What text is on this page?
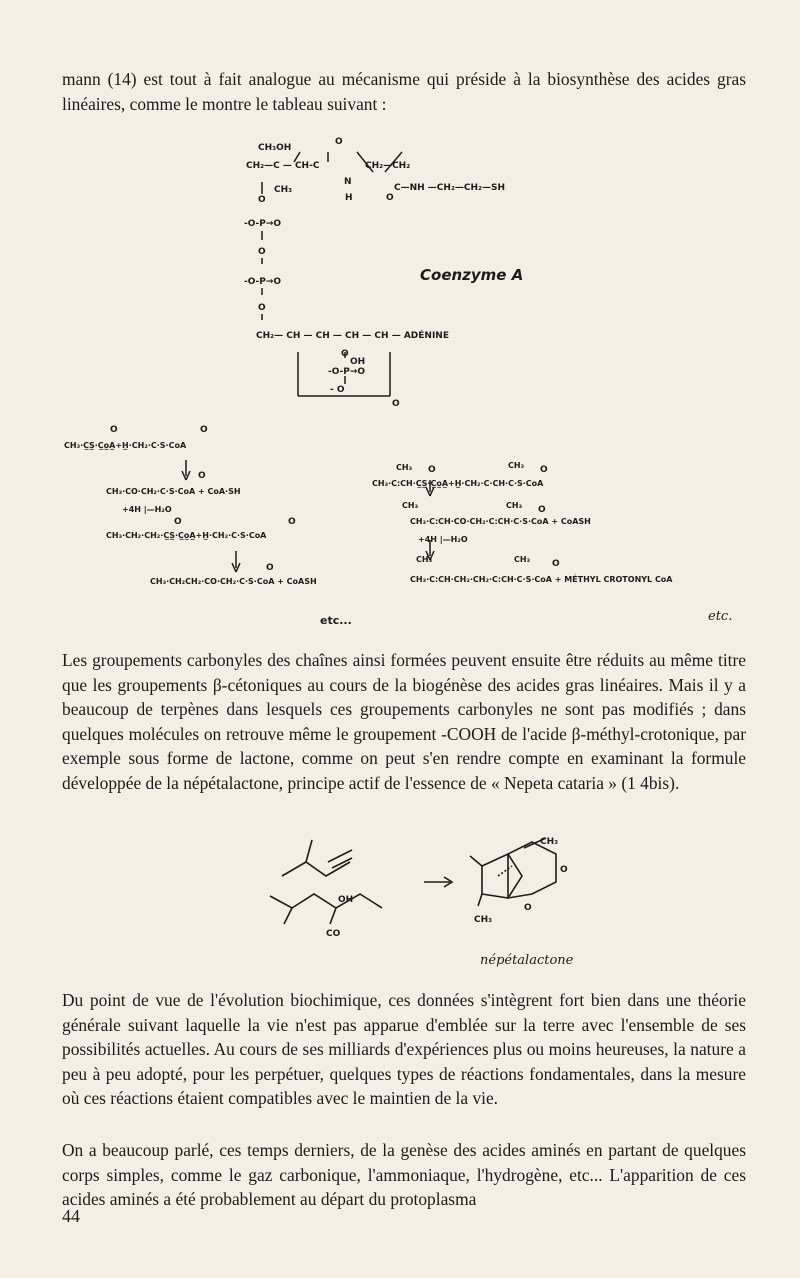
mann (14) est tout à fait analogue au mécanisme qui préside à la biosynthèse des acides gras linéaires, comme le montre le tableau suivant :

CH₃OH
CH₂—C — CH-C	CH₂—CH₂
O
O
CH₃
N
H	O
C—NH —CH₂—CH₂—SH
-O-P→O
O
-O-P→O	Coenzyme A
O
CH₂— CH — CH — CH — CH — ADÉNINE
O
OH
-O-P→O
- O
O
O	O
CH₃·C̲S̲·C̲o̲A̲+H̲·CH₂·C·S·CoA
O
CH₃·CO·CH₂·C·S·CoA + CoA·SH
+4H |—H₂O
O	O
CH₃·CH₂·CH₂·C̲S̲·C̲o̲A̲+H̲·CH₂·C·S·CoA
O
CH₃·CH₂CH₂·CO·CH₂·C·S·CoA + CoASH
etc...
CH₃ O	CH₃ O
CH₃·C:CH·C̲S̲·C̲o̲A̲+H̲·CH₂·C·CH·C·S·CoA
CH₃	CH₃ O
CH₃·C:CH·CO·CH₂·C:CH·C·S·CoA + CoASH
+4H |—H₂O
CH₃	CH₃ O
CH₃·C:CH·CH₂·CH₂·C:CH·C·S·CoA + MÉTHYL CROTONYL CoA
etc.

Les groupements carbonyles des chaînes ainsi formées peuvent ensuite être réduits au même titre que les groupements β-cétoniques au cours de la biogénèse des acides gras linéaires. Mais il y a beaucoup de terpènes dans lesquels ces groupements carbonyles ne sont pas modifiés ; dans quelques molécules on retrouve même le groupement -COOH de l'acide β-méthyl-crotonique, par exemple sous forme de lactone, comme on peut s'en rendre compte en examinant la formule développée de la népétalactone, principe actif de l'essence de « Nepeta cataria » (1 4bis).

OH
CO
CH₃
CH₃
O
O
népétalactone

Du point de vue de l'évolution biochimique, ces données s'intègrent fort bien dans une théorie générale suivant laquelle la vie n'est pas apparue d'emblée sur la terre avec l'ensemble de ses possibilités actuelles. Au cours de ses milliards d'expériences plus ou moins heureuses, la nature a peu à peu adopté, pour les perpétuer, quelques types de réactions fondamentales, dans la mesure où ces réactions étaient compatibles avec le maintien de la vie.

On a beaucoup parlé, ces temps derniers, de la genèse des acides aminés en partant de quelques corps simples, comme le gaz carbonique, l'ammoniaque, l'hydrogène, etc... L'apparition de ces acides aminés a été probablement au départ du protoplasma

44
